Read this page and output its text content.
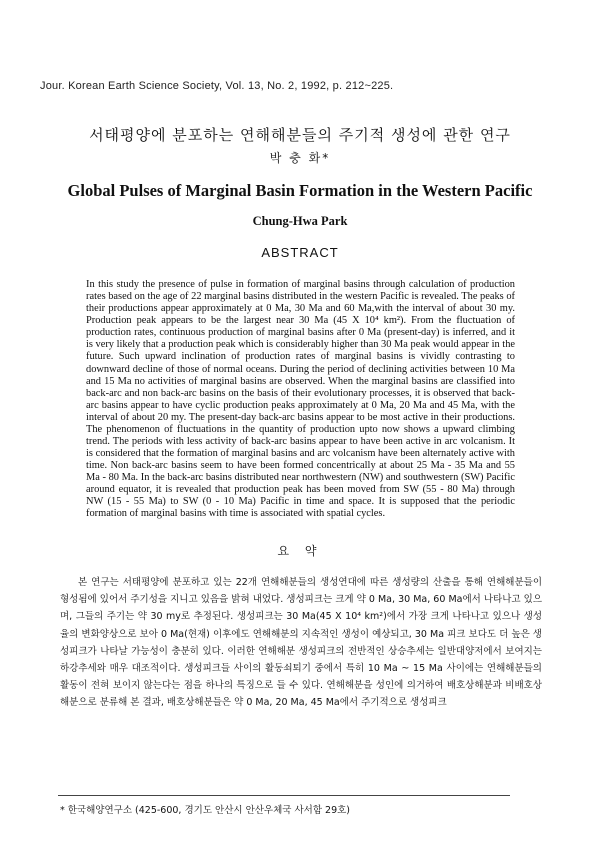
Jour. Korean Earth Science Society, Vol. 13, No. 2, 1992, p. 212~225.
서태평양에 분포하는 연해해분들의 주기적 생성에 관한 연구
박 충 화*
Global Pulses of Marginal Basin Formation in the Western Pacific
Chung-Hwa Park
ABSTRACT
In this study the presence of pulse in formation of marginal basins through calculation of production rates based on the age of 22 marginal basins distributed in the western Pacific is revealed. The peaks of their productions appear approximately at 0 Ma, 30 Ma and 60 Ma,with the interval of about 30 my. Production peak appears to be the largest near 30 Ma (45 X 10⁴ km²). From the fluctuation of production rates, continuous production of marginal basins after 0 Ma (present-day) is inferred, and it is very likely that a production peak which is considerably higher than 30 Ma peak would appear in the future. Such upward inclination of production rates of marginal basins is vividly contrasting to downward decline of those of normal oceans. During the period of declining activities between 10 Ma and 15 Ma no activities of marginal basins are observed. When the marginal basins are classified into back-arc and non back-arc basins on the basis of their evolutionary processes, it is observed that back-arc basins appear to have cyclic production peaks approximately at 0 Ma, 20 Ma and 45 Ma, with the interval of about 20 my. The present-day back-arc basins appear to be most active in their productions. The phenomenon of fluctuations in the quantity of production upto now shows a upward climbing trend. The periods with less activity of back-arc basins appear to have been active in arc volcanism. It is considered that the formation of marginal basins and arc volcanism have been alternately active with time. Non back-arc basins seem to have been formed concentrically at about 25 Ma - 35 Ma and 55 Ma - 80 Ma. In the back-arc basins distributed near northwestern (NW) and southwestern (SW) Pacific around equator, it is revealed that production peak has been moved from SW (55 - 80 Ma) through NW (15 - 55 Ma) to SW (0 - 10 Ma) Pacific in time and space. It is supposed that the periodic formation of marginal basins with time is associated with spatial cycles.
요 약
본 연구는 서태평양에 분포하고 있는 22개 연해해분들의 생성연대에 따른 생성량의 산출을 통해 연해해분들이 형성됨에 있어서 주기성을 지니고 있음을 밝혀 내었다. 생성피크는 크게 약 0 Ma, 30 Ma, 60 Ma에서 나타나고 있으며, 그들의 주기는 약 30 my로 추정된다. 생성피크는 30 Ma(45 X 10⁴ km²)에서 가장 크게 나타나고 있으나 생성율의 변화양상으로 보아 0 Ma(현재) 이후에도 연해해분의 지속적인 생성이 예상되고, 30 Ma 피크 보다도 더 높은 생성피크가 나타날 가능성이 충분히 있다. 이러한 연해해분 생성피크의 전반적인 상승추세는 일반대양저에서 보여지는 하강추세와 매우 대조적이다. 생성피크들 사이의 활동쇠퇴기 중에서 특히 10 Ma ~ 15 Ma 사이에는 연해해분들의 활동이 전혀 보이지 않는다는 점을 하나의 특징으로 들 수 있다. 연해해분을 성인에 의거하여 배호상해분과 비배호상해분으로 분류해 본 결과, 배호상해분들은 약 0 Ma, 20 Ma, 45 Ma에서 주기적으로 생성피크
* 한국해양연구소 (425-600, 경기도 안산시 안산우체국 사서함 29호)
